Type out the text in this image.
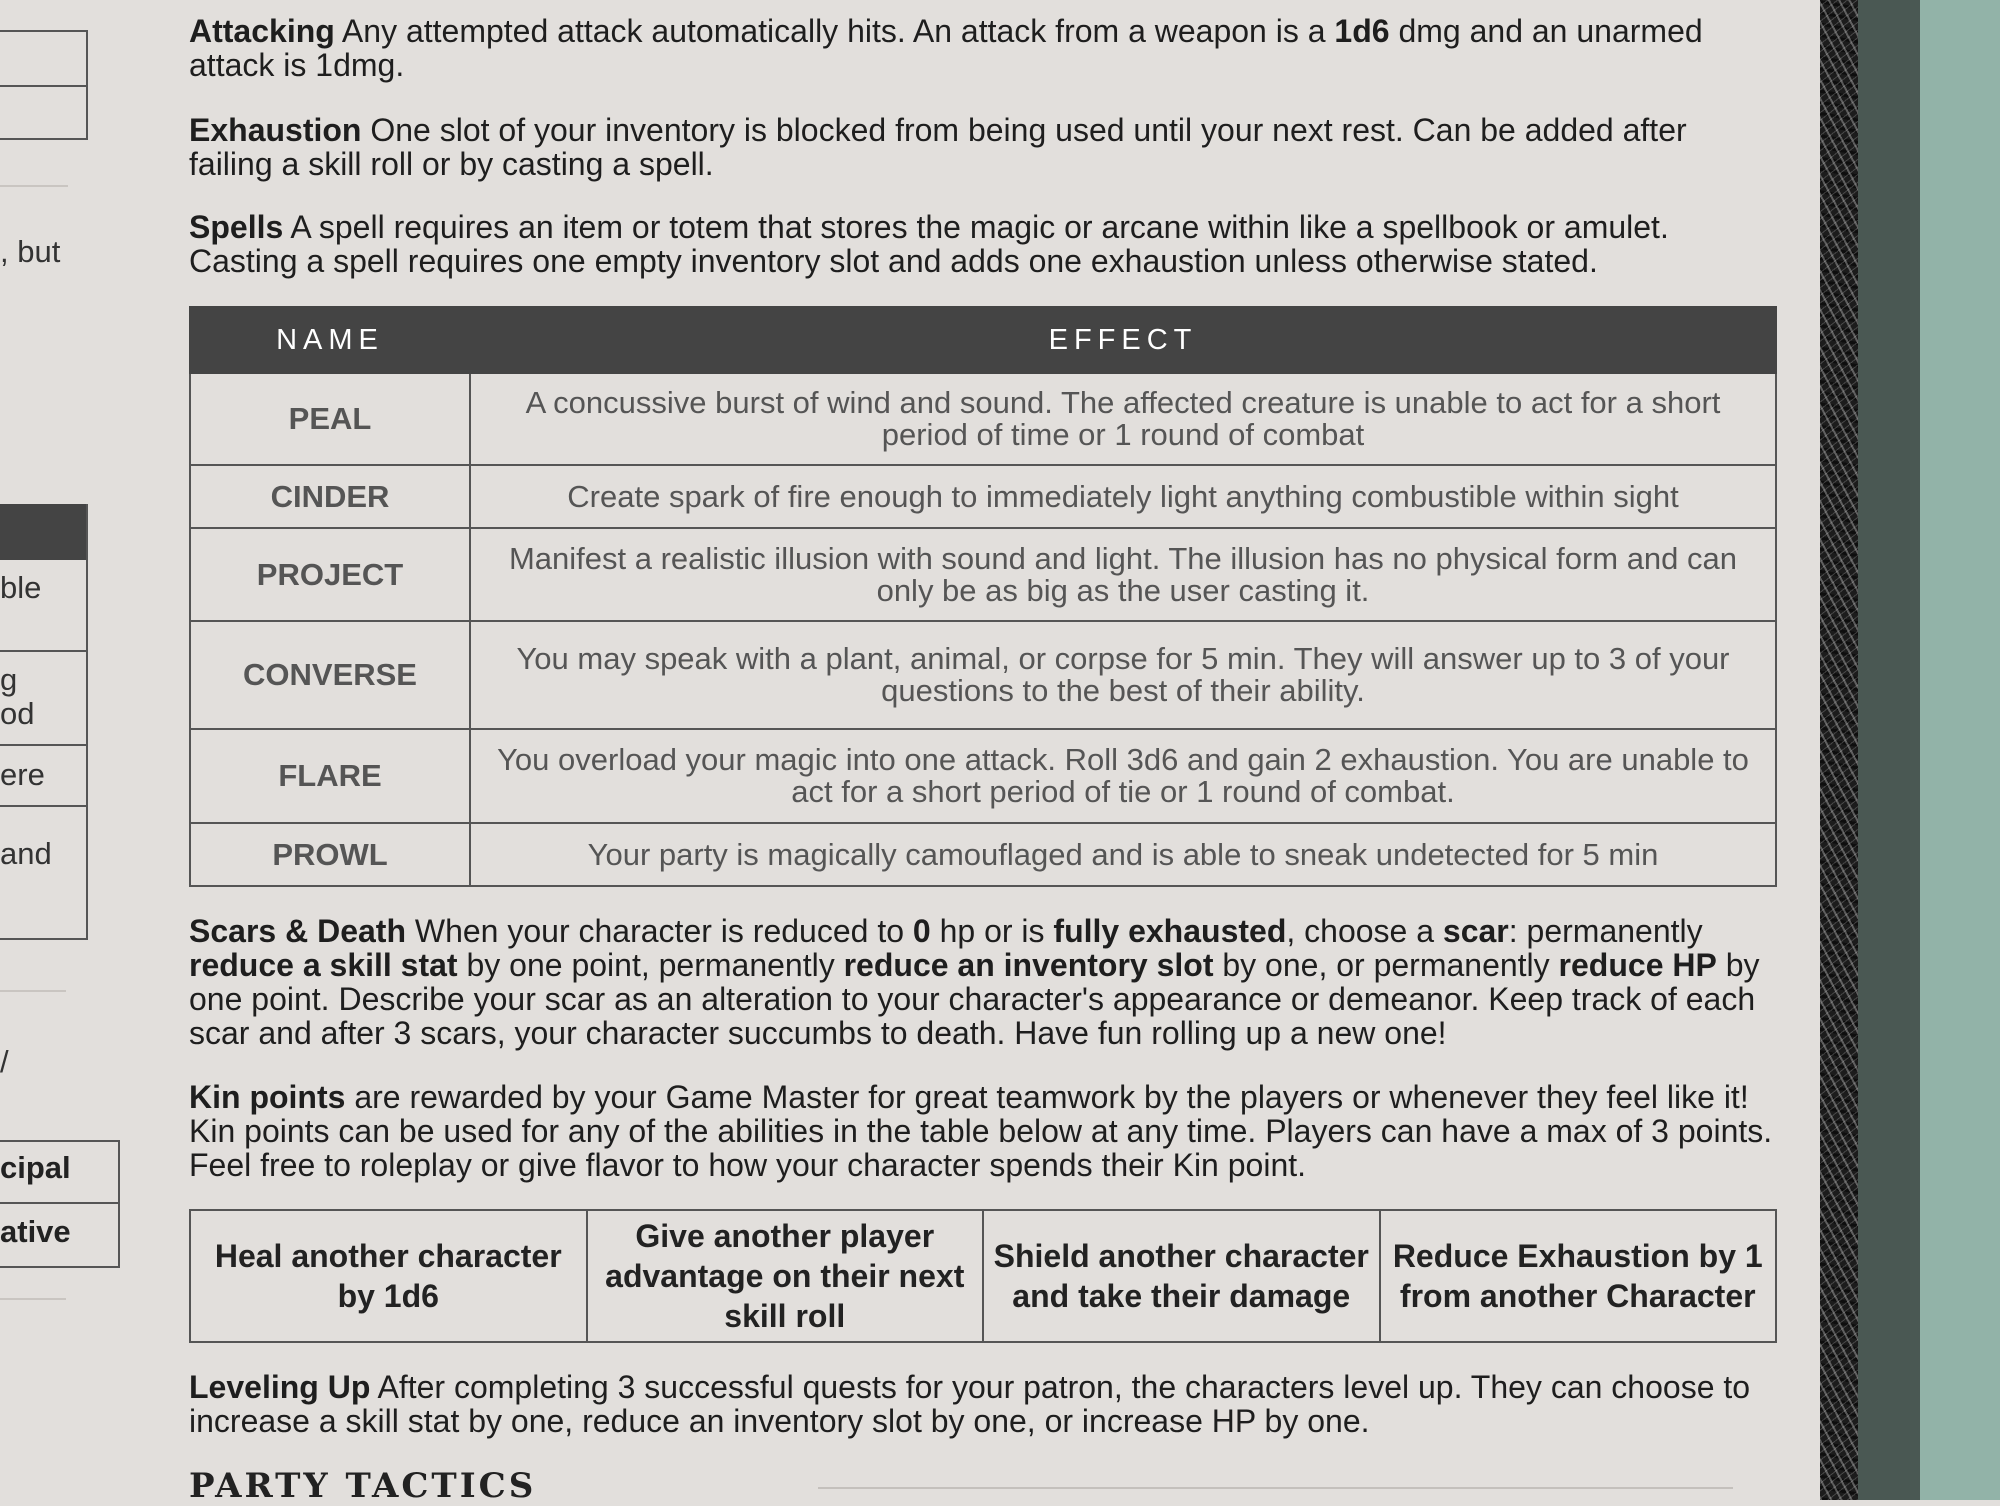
, but
ble
g
od
ere
and
/
cipal
ative

Attacking Any attempted attack automatically hits. An attack from a weapon is a 1d6 dmg and an unarmed attack is 1dmg.

Exhaustion One slot of your inventory is blocked from being used until your next rest. Can be added after failing a skill roll or by casting a spell.

Spells A spell requires an item or totem that stores the magic or arcane within like a spellbook or amulet. Casting a spell requires one empty inventory slot and adds one exhaustion unless otherwise stated.

NAME	EFFECT
PEAL	A concussive burst of wind and sound. The affected creature is unable to act for a short period of time or 1 round of combat
CINDER	Create spark of fire enough to immediately light anything combustible within sight
PROJECT	Manifest a realistic illusion with sound and light. The illusion has no physical form and can only be as big as the user casting it.
CONVERSE	You may speak with a plant, animal, or corpse for 5 min. They will answer up to 3 of your questions to the best of their ability.
FLARE	You overload your magic into one attack. Roll 3d6 and gain 2 exhaustion. You are unable to act for a short period of tie or 1 round of combat.
PROWL	Your party is magically camouflaged and is able to sneak undetected for 5 min

Scars & Death When your character is reduced to 0 hp or is fully exhausted, choose a scar: permanently reduce a skill stat by one point, permanently reduce an inventory slot by one, or permanently reduce HP by one point. Describe your scar as an alteration to your character's appearance or demeanor. Keep track of each scar and after 3 scars, your character succumbs to death. Have fun rolling up a new one!

Kin points are rewarded by your Game Master for great teamwork by the players or whenever they feel like it! Kin points can be used for any of the abilities in the table below at any time. Players can have a max of 3 points. Feel free to roleplay or give flavor to how your character spends their Kin point.

Heal another character by 1d6	Give another player advantage on their next skill roll	Shield another character and take their damage	Reduce Exhaustion by 1 from another Character

Leveling Up After completing 3 successful quests for your patron, the characters level up. They can choose to increase a skill stat by one, reduce an inventory slot by one, or increase HP by one.

PARTY TACTICS
